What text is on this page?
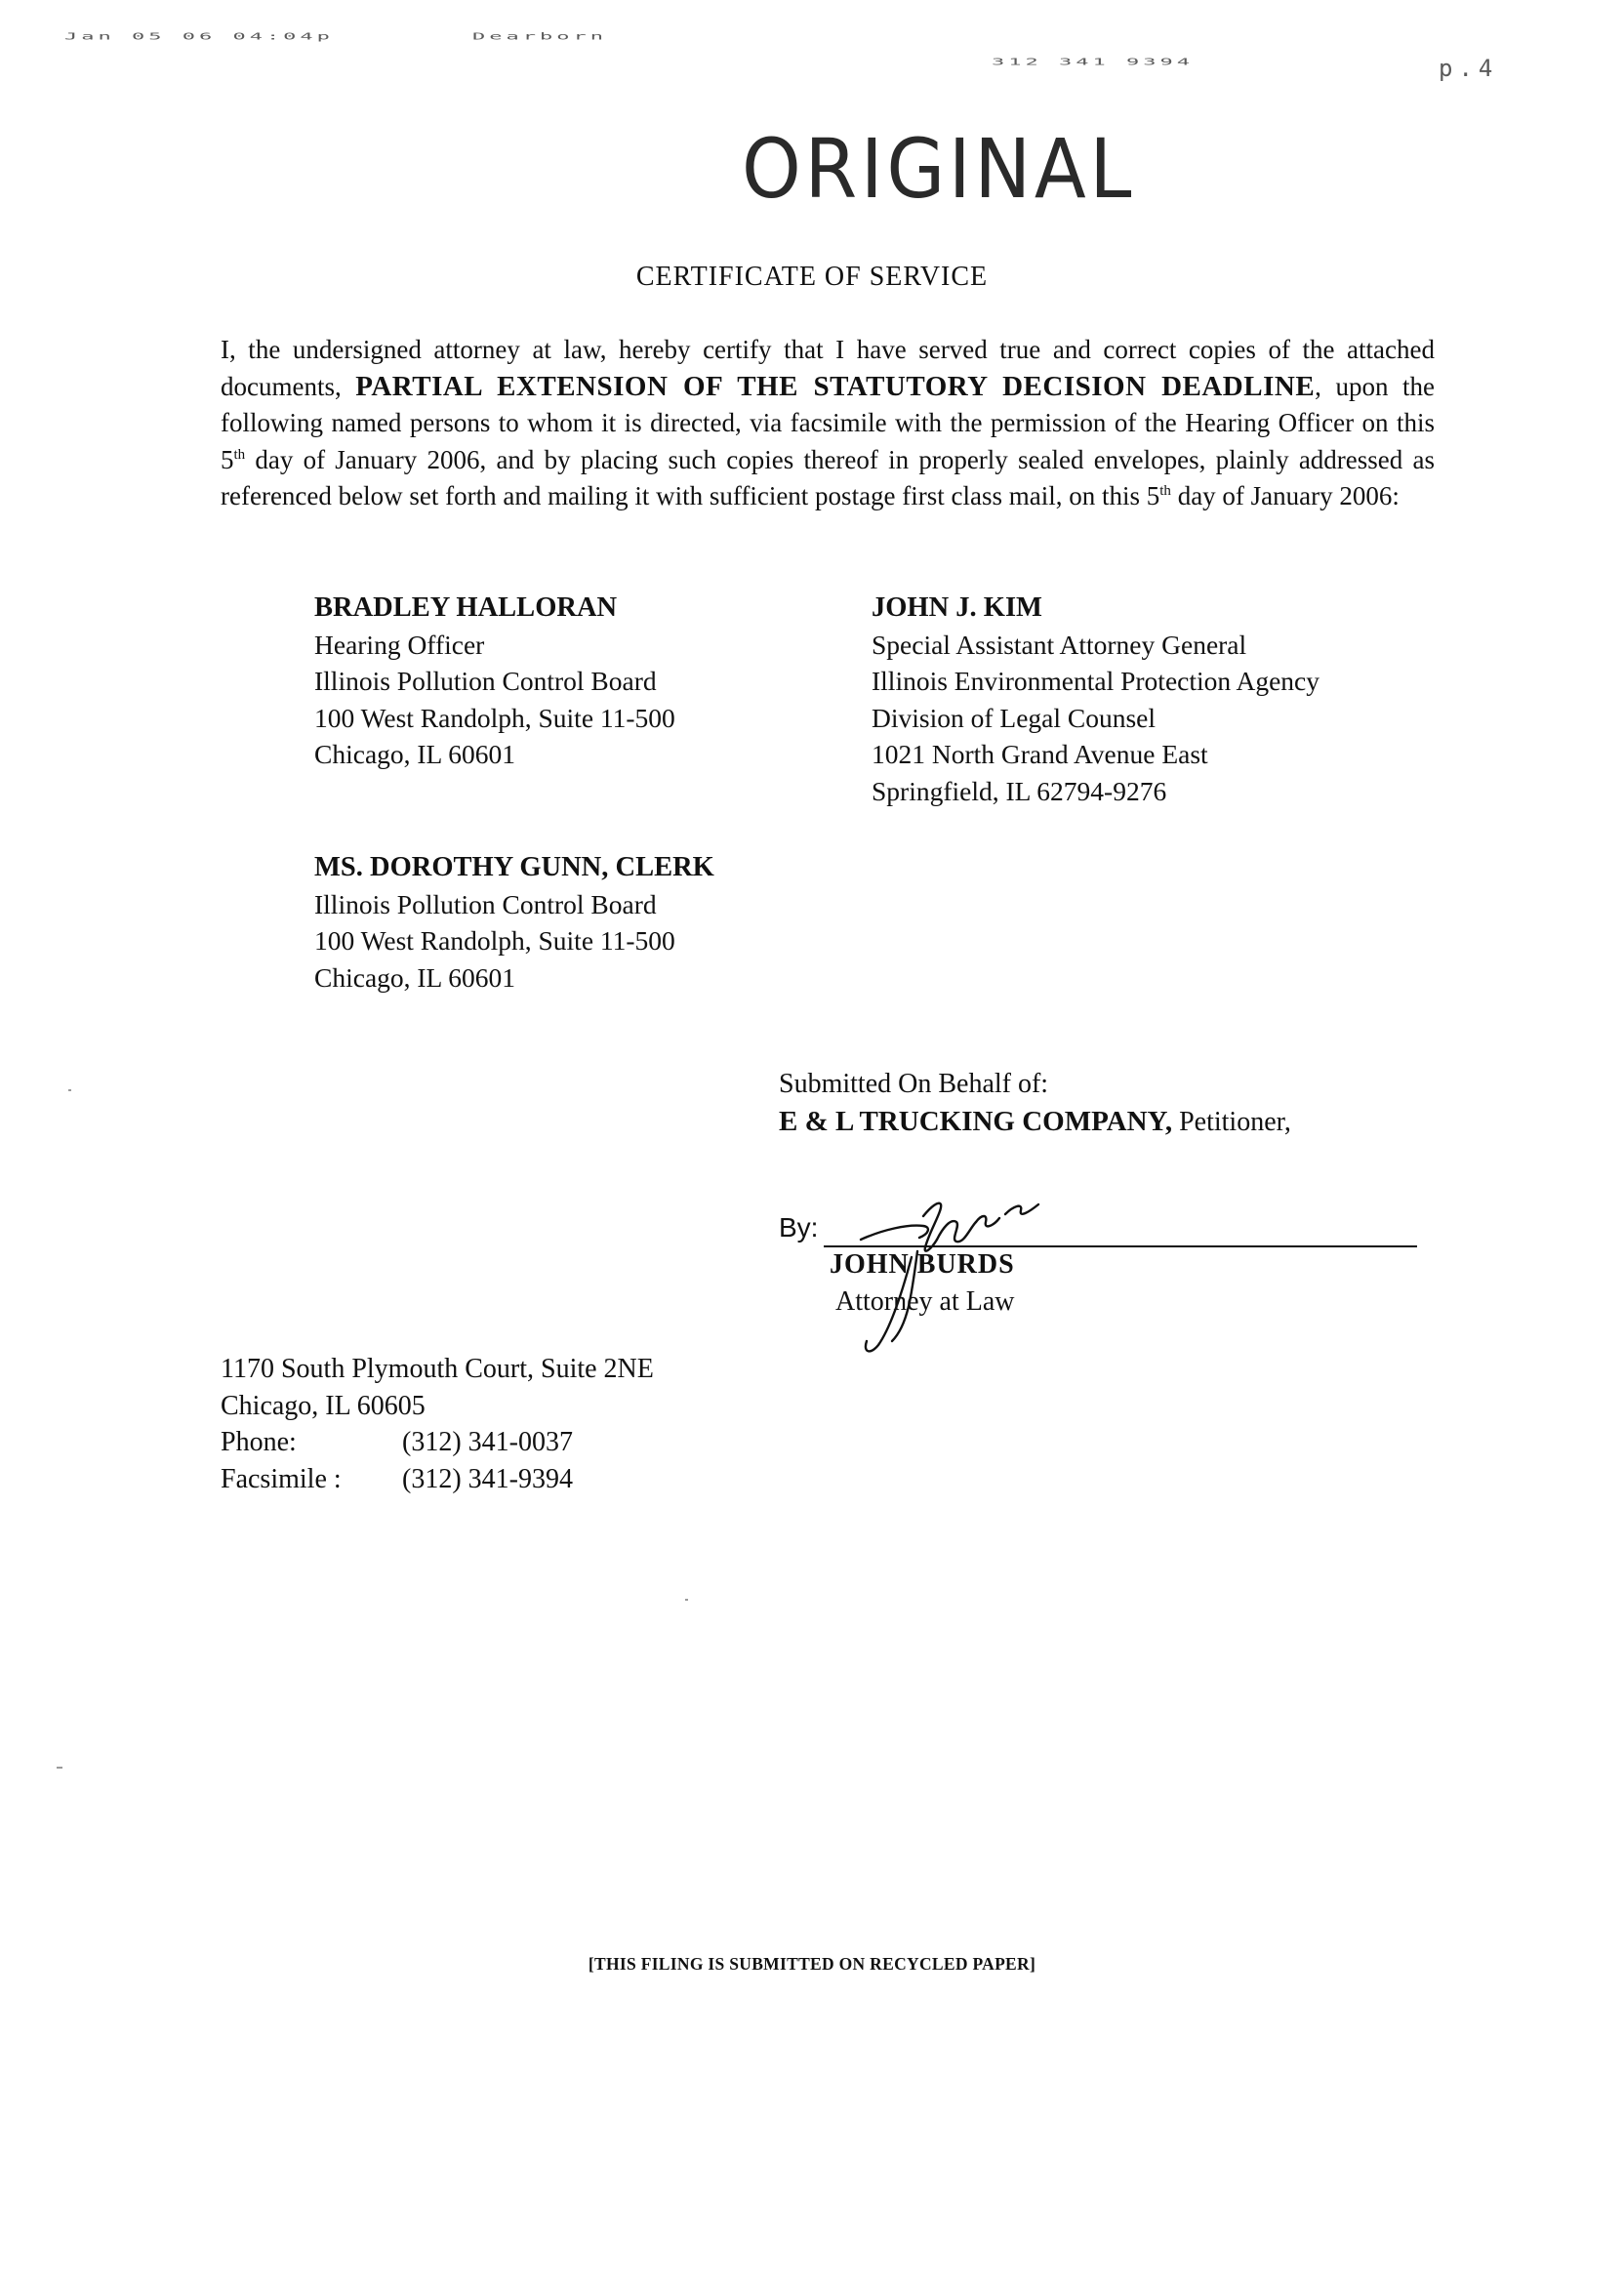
Jan 05 06 04:04p	Dearborn
312 341 9394	p.4
ORIGINAL
CERTIFICATE OF SERVICE
I, the undersigned attorney at law, hereby certify that I have served true and correct copies of the attached documents, PARTIAL EXTENSION OF THE STATUTORY DECISION DEADLINE, upon the following named persons to whom it is directed, via facsimile with the permission of the Hearing Officer on this 5th day of January 2006, and by placing such copies thereof in properly sealed envelopes, plainly addressed as referenced below set forth and mailing it with sufficient postage first class mail, on this 5th day of January 2006:
BRADLEY HALLORAN
Hearing Officer
Illinois Pollution Control Board
100 West Randolph, Suite 11-500
Chicago, IL 60601
JOHN J. KIM
Special Assistant Attorney General
Illinois Environmental Protection Agency
Division of Legal Counsel
1021 North Grand Avenue East
Springfield, IL 62794-9276
MS. DOROTHY GUNN, CLERK
Illinois Pollution Control Board
100 West Randolph, Suite 11-500
Chicago, IL 60601
Submitted On Behalf of:
E & L TRUCKING COMPANY, Petitioner,
By:
JOHN BURDS
Attorney at Law
1170 South Plymouth Court, Suite 2NE
Chicago, IL 60605
Phone:	(312) 341-0037
Facsimile : (312) 341-9394
[THIS FILING IS SUBMITTED ON RECYCLED PAPER]
